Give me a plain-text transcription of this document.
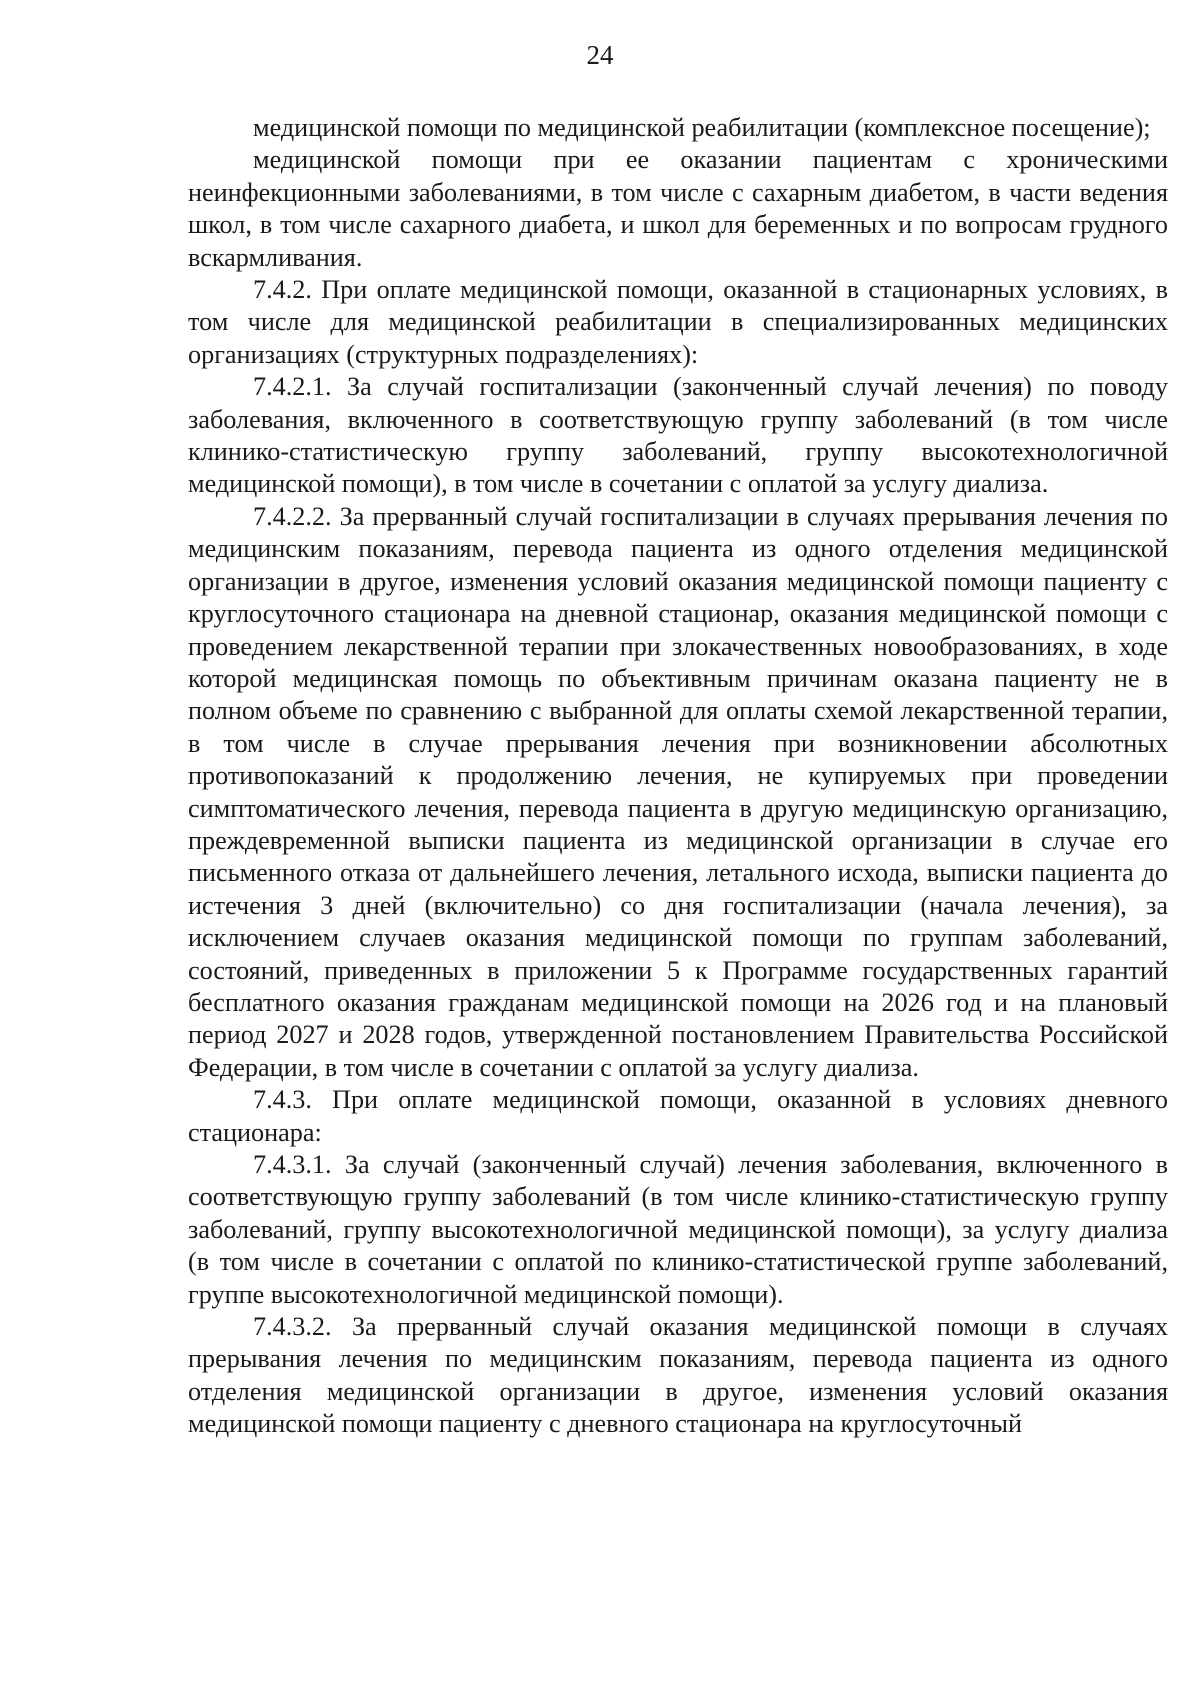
24

медицинской помощи по медицинской реабилитации (комплексное посещение);

медицинской помощи при ее оказании пациентам с хроническими неинфекционными заболеваниями, в том числе с сахарным диабетом, в части ведения школ, в том числе сахарного диабета, и школ для беременных и по вопросам грудного вскармливания.

7.4.2. При оплате медицинской помощи, оказанной в стационарных условиях, в том числе для медицинской реабилитации в специализированных медицинских организациях (структурных подразделениях):

7.4.2.1. За случай госпитализации (законченный случай лечения) по поводу заболевания, включенного в соответствующую группу заболеваний (в том числе клинико-статистическую группу заболеваний, группу высокотехнологичной медицинской помощи), в том числе в сочетании с оплатой за услугу диализа.

7.4.2.2. За прерванный случай госпитализации в случаях прерывания лечения по медицинским показаниям, перевода пациента из одного отделения медицинской организации в другое, изменения условий оказания медицинской помощи пациенту с круглосуточного стационара на дневной стационар, оказания медицинской помощи с проведением лекарственной терапии при злокачественных новообразованиях, в ходе которой медицинская помощь по объективным причинам оказана пациенту не в полном объеме по сравнению с выбранной для оплаты схемой лекарственной терапии, в том числе в случае прерывания лечения при возникновении абсолютных противопоказаний к продолжению лечения, не купируемых при проведении симптоматического лечения, перевода пациента в другую медицинскую организацию, преждевременной выписки пациента из медицинской организации в случае его письменного отказа от дальнейшего лечения, летального исхода, выписки пациента до истечения 3 дней (включительно) со дня госпитализации (начала лечения), за исключением случаев оказания медицинской помощи по группам заболеваний, состояний, приведенных в приложении 5 к Программе государственных гарантий бесплатного оказания гражданам медицинской помощи на 2026 год и на плановый период 2027 и 2028 годов, утвержденной постановлением Правительства Российской Федерации, в том числе в сочетании с оплатой за услугу диализа.

7.4.3. При оплате медицинской помощи, оказанной в условиях дневного стационара:

7.4.3.1. За случай (законченный случай) лечения заболевания, включенного в соответствующую группу заболеваний (в том числе клинико-статистическую группу заболеваний, группу высокотехнологичной медицинской помощи), за услугу диализа (в том числе в сочетании с оплатой по клинико-статистической группе заболеваний, группе высокотехнологичной медицинской помощи).

7.4.3.2. За прерванный случай оказания медицинской помощи в случаях прерывания лечения по медицинским показаниям, перевода пациента из одного отделения медицинской организации в другое, изменения условий оказания медицинской помощи пациенту с дневного стационара на круглосуточный
